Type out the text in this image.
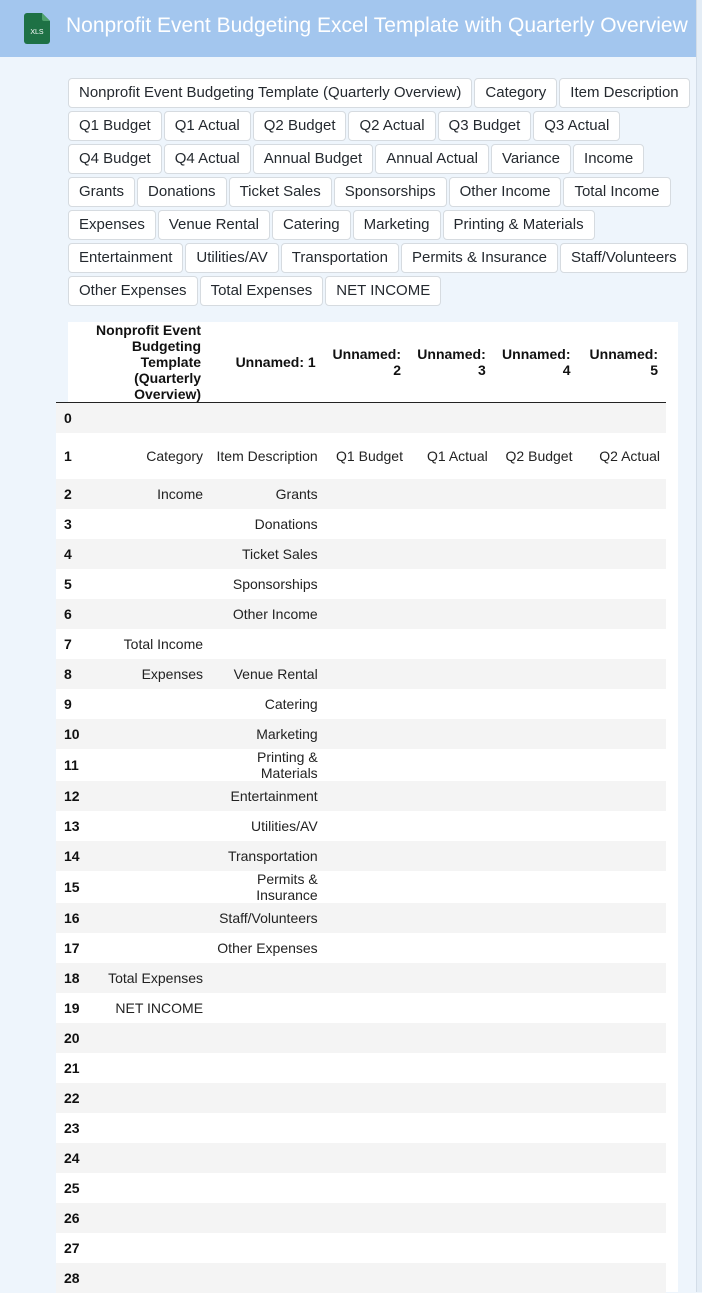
XLS Nonprofit Event Budgeting Excel Template with Quarterly Overview
Nonprofit Event Budgeting Template (Quarterly Overview)	Category	Item Description
Q1 Budget	Q1 Actual	Q2 Budget	Q2 Actual	Q3 Budget	Q3 Actual
Q4 Budget	Q4 Actual	Annual Budget	Annual Actual	Variance	Income
Grants	Donations	Ticket Sales	Sponsorships	Other Income	Total Income
Expenses	Venue Rental	Catering	Marketing	Printing & Materials
Entertainment	Utilities/AV	Transportation	Permits & Insurance	Staff/Volunteers
Other Expenses	Total Expenses	NET INCOME
	Nonprofit Event Budgeting Template (Quarterly Overview)	Unnamed: 1	Unnamed: 2	Unnamed: 3	Unnamed: 4	Unnamed: 5
0						
1	Category	Item Description	Q1 Budget	Q1 Actual	Q2 Budget	Q2 Actual
2	Income	Grants				
3		Donations				
4		Ticket Sales				
5		Sponsorships				
6		Other Income				
7	Total Income					
8	Expenses	Venue Rental				
9		Catering				
10		Marketing				
11		Printing & Materials				
12		Entertainment				
13		Utilities/AV				
14		Transportation				
15		Permits & Insurance				
16		Staff/Volunteers				
17		Other Expenses				
18	Total Expenses					
19	NET INCOME					
20						
21						
22						
23						
24						
25						
26						
27						
28						
